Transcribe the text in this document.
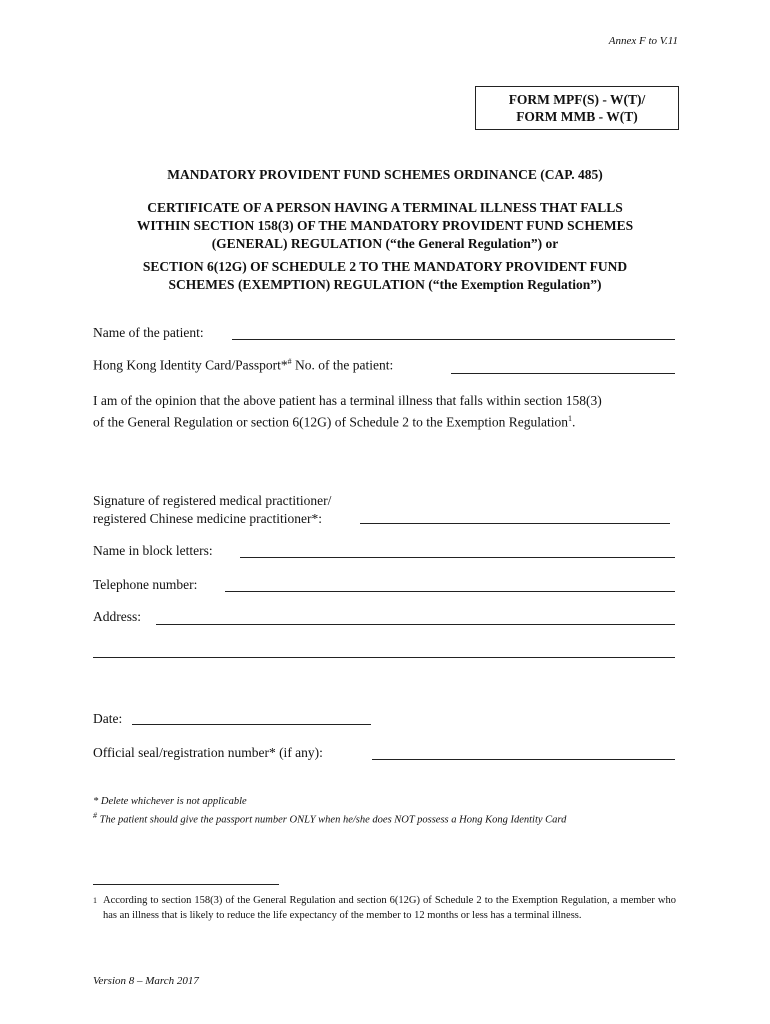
Annex F to V.11
FORM MPF(S) - W(T)/
FORM MMB - W(T)
MANDATORY PROVIDENT FUND SCHEMES ORDINANCE (CAP. 485)
CERTIFICATE OF A PERSON HAVING A TERMINAL ILLNESS THAT FALLS
WITHIN SECTION 158(3) OF THE MANDATORY PROVIDENT FUND SCHEMES
(GENERAL) REGULATION (“the General Regulation”) or
SECTION 6(12G) OF SCHEDULE 2 TO THE MANDATORY PROVIDENT FUND
SCHEMES (EXEMPTION) REGULATION (“the Exemption Regulation”)
Name of the patient:
Hong Kong Identity Card/Passport*# No. of the patient:
I am of the opinion that the above patient has a terminal illness that falls within section 158(3)
of the General Regulation or section 6(12G) of Schedule 2 to the Exemption Regulation$^1$.
Signature of registered medical practitioner/
registered Chinese medicine practitioner*:
Name in block letters:
Telephone number:
Address:
Date:
Official seal/registration number* (if any):
* Delete whichever is not applicable
# The patient should give the passport number ONLY when he/she does NOT possess a Hong Kong Identity Card
1 According to section 158(3) of the General Regulation and section 6(12G) of Schedule 2 to the Exemption Regulation, a member who has an illness that is likely to reduce the life expectancy of the member to 12 months or less has a terminal illness.
Version 8 – March 2017
